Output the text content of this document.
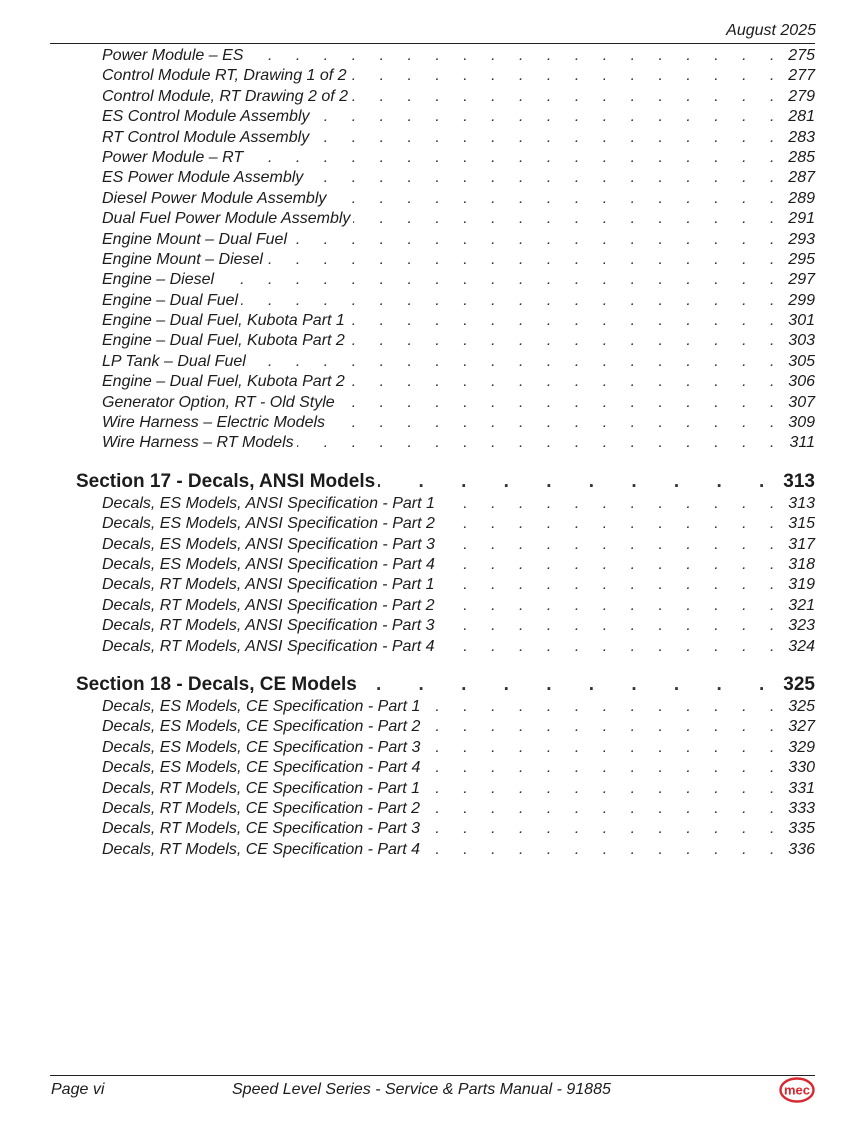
August 2025
Power Module – ES . . .	275
Control Module RT, Drawing 1 of 2 . . .	277
Control Module, RT Drawing 2 of 2 . . .	279
ES Control Module Assembly . . .	281
RT Control Module Assembly . . .	283
Power Module – RT . . .	285
ES Power Module Assembly . . .	287
Diesel Power Module Assembly . . .	289
Dual Fuel Power Module Assembly . . .	291
Engine Mount – Dual Fuel . . .	293
Engine Mount – Diesel . . .	295
Engine – Diesel . . .	297
Engine – Dual Fuel . . .	299
Engine – Dual Fuel, Kubota Part 1 . . .	301
Engine – Dual Fuel, Kubota Part 2 . . .	303
LP Tank – Dual Fuel . . .	305
Engine – Dual Fuel, Kubota Part 2 . . .	306
Generator Option, RT - Old Style . . .	307
Wire Harness – Electric Models . . .	309
Wire Harness – RT Models . . .	311
Section 17 - Decals, ANSI Models . . .	313
Decals, ES Models, ANSI Specification - Part 1 . . .	313
Decals, ES Models, ANSI Specification - Part 2 . . .	315
Decals, ES Models, ANSI Specification - Part 3 . . .	317
Decals, ES Models, ANSI Specification - Part 4 . . .	318
Decals, RT Models, ANSI Specification - Part 1 . . .	319
Decals, RT Models, ANSI Specification - Part 2 . . .	321
Decals, RT Models, ANSI Specification - Part 3 . . .	323
Decals, RT Models, ANSI Specification - Part 4 . . .	324
Section 18 - Decals, CE Models . . .	325
Decals, ES Models, CE Specification - Part 1 . . .	325
Decals, ES Models, CE Specification - Part 2 . . .	327
Decals, ES Models, CE Specification - Part 3 . . .	329
Decals, ES Models, CE Specification - Part 4 . . .	330
Decals, RT Models, CE Specification - Part 1 . . .	331
Decals, RT Models, CE Specification - Part 2 . . .	333
Decals, RT Models, CE Specification - Part 3 . . .	335
Decals, RT Models, CE Specification - Part 4 . . .	336
Page vi	Speed Level Series - Service & Parts Manual - 91885	mec
